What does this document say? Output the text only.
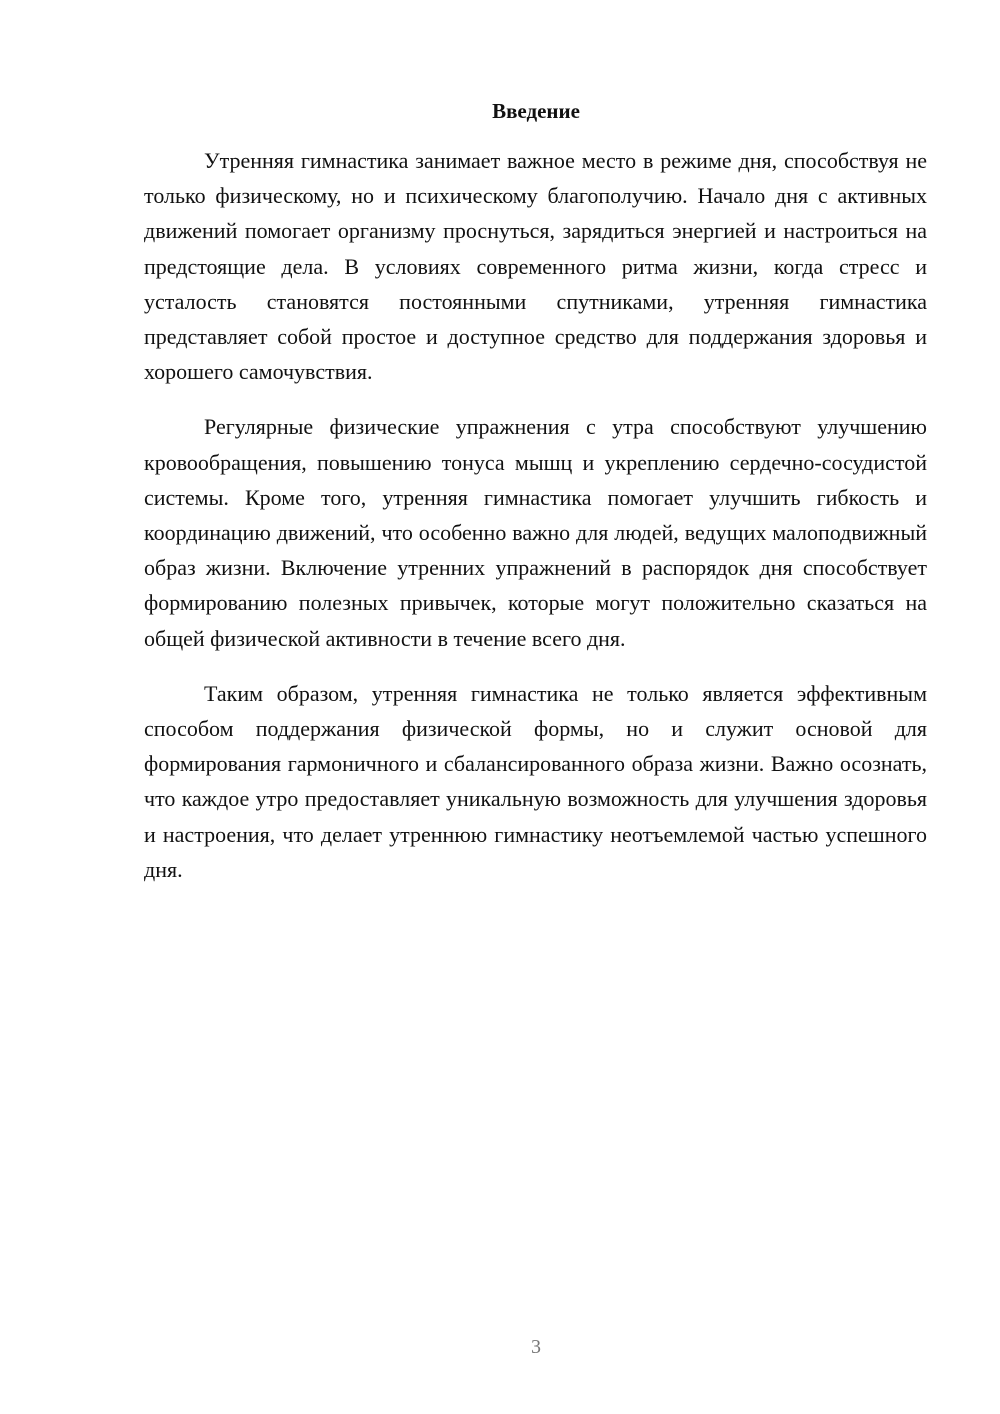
Введение

Утренняя гимнастика занимает важное место в режиме дня, способствуя не только физическому, но и психическому благополучию. Начало дня с активных движений помогает организму проснуться, зарядиться энергией и настроиться на предстоящие дела. В условиях современного ритма жизни, когда стресс и усталость становятся постоянными спутниками, утренняя гимнастика представляет собой простое и доступное средство для поддержания здоровья и хорошего самочувствия.

Регулярные физические упражнения с утра способствуют улучшению кровообращения, повышению тонуса мышц и укреплению сердечно-сосудистой системы. Кроме того, утренняя гимнастика помогает улучшить гибкость и координацию движений, что особенно важно для людей, ведущих малоподвижный образ жизни. Включение утренних упражнений в распорядок дня способствует формированию полезных привычек, которые могут положительно сказаться на общей физической активности в течение всего дня.

Таким образом, утренняя гимнастика не только является эффективным способом поддержания физической формы, но и служит основой для формирования гармоничного и сбалансированного образа жизни. Важно осознать, что каждое утро предоставляет уникальную возможность для улучшения здоровья и настроения, что делает утреннюю гимнастику неотъемлемой частью успешного дня.

3
